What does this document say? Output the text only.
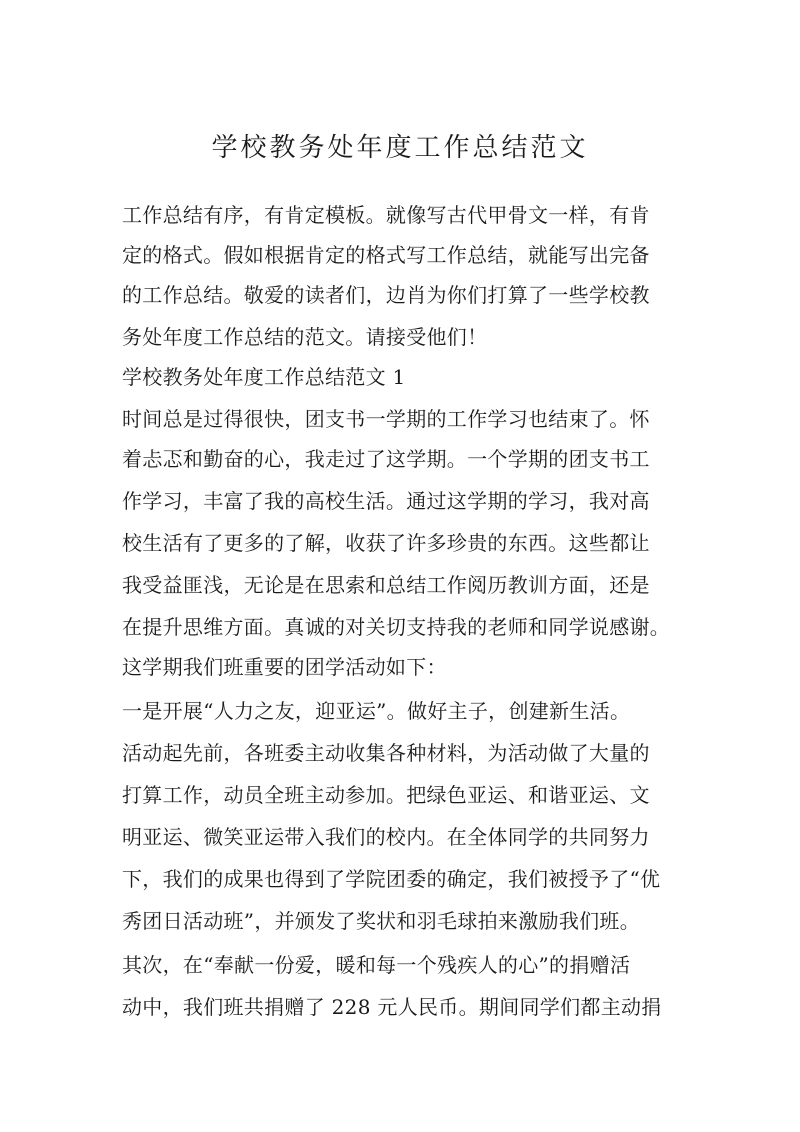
学校教务处年度工作总结范文
工作总结有序，有肯定模板。就像写古代甲骨文一样，有肯
定的格式。假如根据肯定的格式写工作总结，就能写出完备
的工作总结。敬爱的读者们，边肖为你们打算了一些学校教
务处年度工作总结的范文。请接受他们！
学校教务处年度工作总结范文 1
时间总是过得很快，团支书一学期的工作学习也结束了。怀
着忐忑和勤奋的心，我走过了这学期。一个学期的团支书工
作学习，丰富了我的高校生活。通过这学期的学习，我对高
校生活有了更多的了解，收获了许多珍贵的东西。这些都让
我受益匪浅，无论是在思索和总结工作阅历教训方面，还是
在提升思维方面。真诚的对关切支持我的老师和同学说感谢。
这学期我们班重要的团学活动如下：
一是开展“人力之友，迎亚运”。做好主子，创建新生活。
活动起先前，各班委主动收集各种材料，为活动做了大量的
打算工作，动员全班主动参加。把绿色亚运、和谐亚运、文
明亚运、微笑亚运带入我们的校内。在全体同学的共同努力
下，我们的成果也得到了学院团委的确定，我们被授予了“优
秀团日活动班”，并颁发了奖状和羽毛球拍来激励我们班。
其次，在“奉献一份爱，暖和每一个残疾人的心”的捐赠活
动中，我们班共捐赠了 228 元人民币。期间同学们都主动捐
